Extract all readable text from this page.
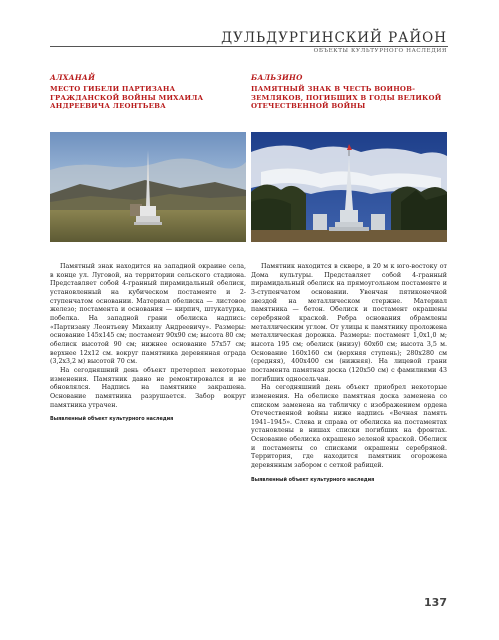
ДУЛЬДУРГИНСКИЙ РАЙОН
ОБЪЕКТЫ КУЛЬТУРНОГО НАСЛЕДИЯ
АЛХАНАЙ
МЕСТО ГИБЕЛИ ПАРТИЗАНА ГРАЖДАНСКОЙ ВОЙНЫ МИХАИЛА АНДРЕЕВИЧА ЛЕОНТЬЕВА

Памятный знак находится на западной окраине села, в конце ул. Луговой, на территории сельского стадиона. Представляет собой 4-гранный пирамидальный обелиск, установленный на кубическом постаменте и 2-ступенчатом основании. Материал обелиска — листовое железо; постамента и основания — кирпич, штукатурка, побелка. На западной грани обелиска надпись: «Партизану Леонтьеву Михаилу Андреевичу». Размеры: основание 145х145 см; постамент 90х90 см; высота 80 см; обелиск высотой 90 см; нижнее основание 57х57 см; верхнее 12х12 см. вокруг памятника деревянная ограда (3,2х3,2 м) высотой 70 см.

На сегодняшний день объект претерпел некоторые изменения. Памятник давно не ремонтировался и не обновлялся. Надпись на памятнике закрашена. Основание памятника разрушается. Забор вокруг памятника утрачен.

Выявленный объект культурного наследия
БАЛЬЗИНО
ПАМЯТНЫЙ ЗНАК В ЧЕСТЬ ВОИНОВ-ЗЕМЛЯКОВ, ПОГИБШИХ В ГОДЫ ВЕЛИКОЙ ОТЕЧЕСТВЕННОЙ ВОЙНЫ

Памятник находится в сквере, в 20 м к юго-востоку от Дома культуры. Представляет собой 4-гранный пирамидальный обелиск на прямоугольном постаменте и 3-ступенчатом основании. Увенчан пятиконечной звездой на металлическом стержне. Материал памятника — бетон. Обелиск и постамент окрашены серебряной краской. Ребра основания обрамлены металлическим углом. От улицы к памятнику проложена металлическая дорожка. Размеры: постамент 1,0х1,0 м; высота 195 см; обелиск (внизу) 60х60 см; высота 3,5 м. Основание 160х160 см (верхняя ступень); 280х280 см (средняя), 400х400 см (нижняя). На лицевой грани постамента памятная доска (120х50 см) с фамилиями 43 погибших односельчан.

На сегодняшний день объект приобрел некоторые изменения. На обелиске памятная доска заменена со списком заменена на табличку с изображением ордена Отечественной войны ниже надпись «Вечная память 1941–1945». Слева и справа от обелиска на постаментах установлены в нишах списки погибших на фронтах. Основание обелиска окрашено зеленой краской. Обелиск и постаменты со списками окрашены серебряной. Территория, где находится памятник огорожена деревянным забором с сеткой рабицей.

Выявленный объект культурного наследия
137
